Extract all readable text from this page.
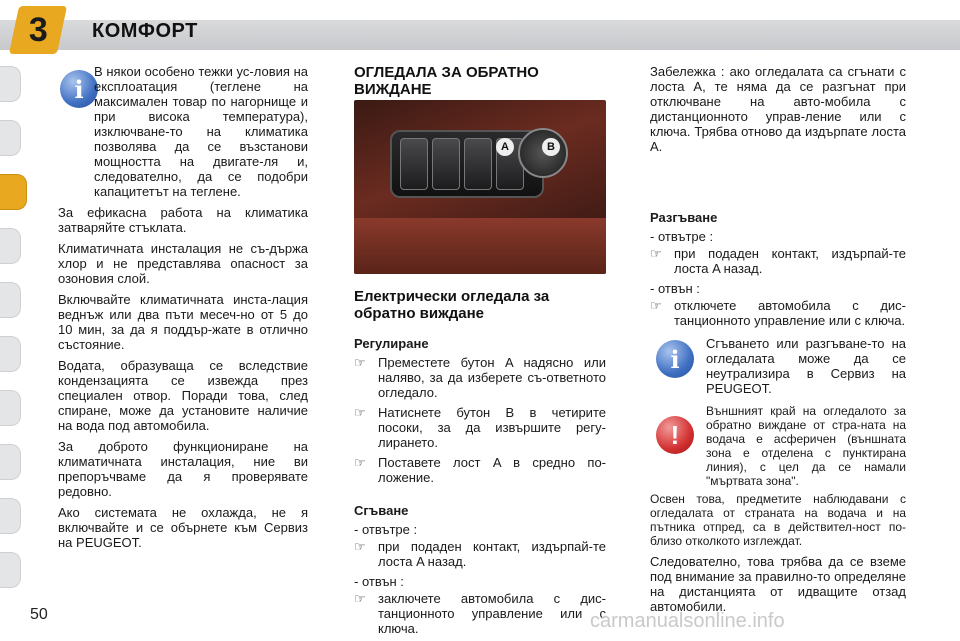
3 КОМФОРТ
i

В някои особено тежки ус-ловия на експлоатация (теглене на максимален товар по нагорнище и при висока температура), изключване-то на климатика позволява да се възстанови мощността на двигате-ля и, следователно, да се подобри капацитетът на теглене.

За ефикасна работа на климатика затваряйте стъклата.

Климатичната инсталация не съ-държа хлор и не представлява опасност за озоновия слой.

Включвайте климатичната инста-лация веднъж или два пъти месеч-но от 5 до 10 мин, за да я поддър-жате в отлично състояние.

Водата, образуваща се вследствие кондензацията се извежда през специален отвор. Поради това, след спиране, може да установите наличие на вода под автомобила.

За доброто функциониране на климатичната инсталация, ние ви препоръчваме да я проверявате редовно.

Ако системата не охлажда, не я включвайте и се обърнете към Сервиз на PEUGEOT.

ОГЛЕДАЛА ЗА ОБРАТНО ВИЖДАНЕ
A	B
Електрически огледала за обратно виждане
Регулиране
☞ Преместете бутон A надясно или наляво, за да изберете съ-ответното огледало.
☞ Натиснете бутон B в четирите посоки, за да извършите регу-лирането.
☞ Поставете лост A в средно по-ложение.
Сгъване
- отвътре :
☞ при подаден контакт, издърпай-те лоста A назад.
- отвън :
☞ заключете автомобила с дис-танционното управление или с ключа.

Забележка : ако огледалата са сгънати с лоста A, те няма да се разгънат при отключване на авто-мобила с дистанционното управ-ление или с ключа. Трябва отново да издърпате лоста A.

Разгъване
- отвътре :
☞ при подаден контакт, издърпай-те лоста A назад.
- отвън :
☞ отключете автомобила с дис-танционното управление или с ключа.
i

Сгъването или разгъване-то на огледалата може да се неутрализира в Сервиз на PEUGEOT.

!

Външният край на огледалото за обратно виждане от стра-ната на водача е асферичен (външната зона е отделена с пунктирана линия), с цел да се намали "мъртвата зона".

Освен това, предметите наблюдавани с огледалата от страната на водача и на пътника отпред, са в действител-ност по-близо отколкото изглеждат.

Следователно, това трябва да се вземе под внимание за правилно-то определяне на дистанцията от идващите отзад автомобили.

50	carmanualsonline.info
